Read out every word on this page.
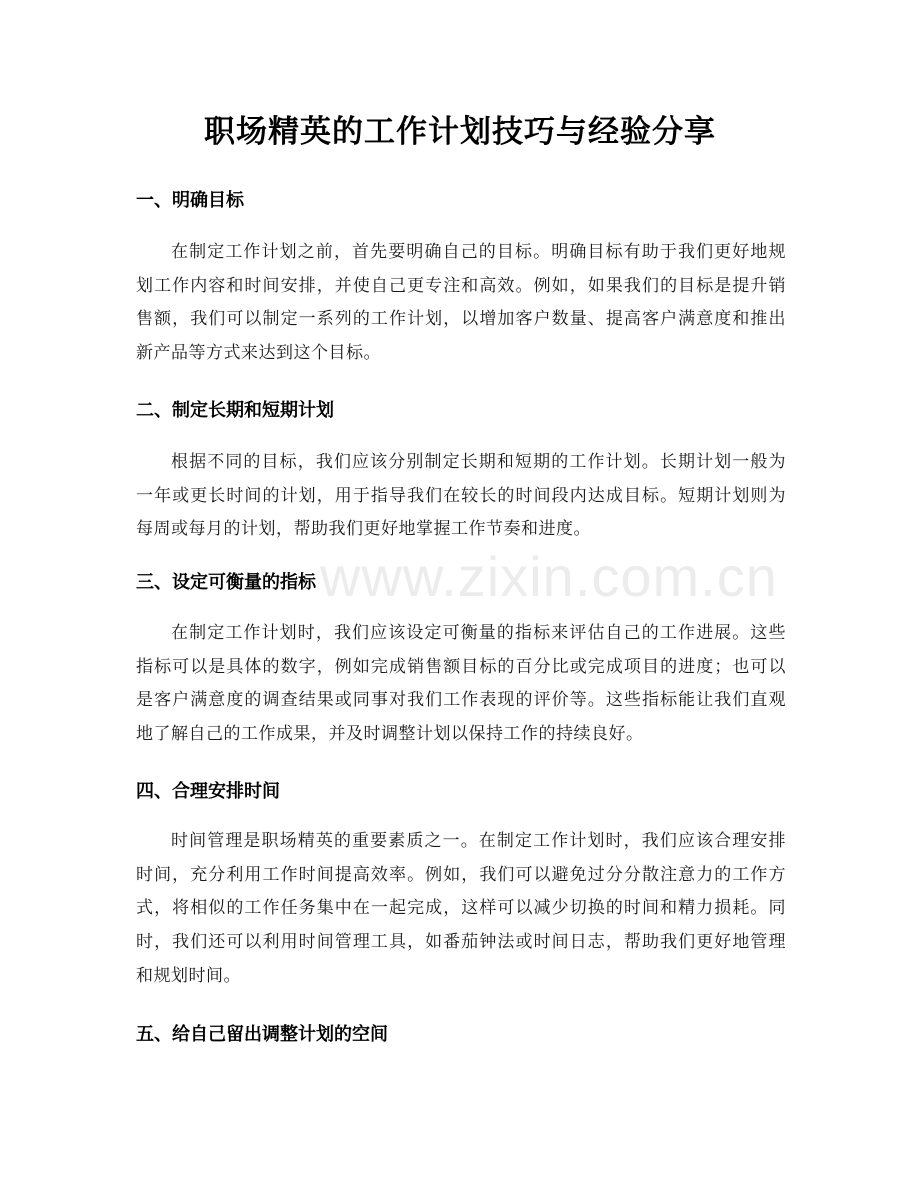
职场精英的工作计划技巧与经验分享
www.zixin.com.cn
一、明确目标
在制定工作计划之前，首先要明确自己的目标。明确目标有助于我们更好地规
划工作内容和时间安排，并使自己更专注和高效。例如，如果我们的目标是提升销
售额，我们可以制定一系列的工作计划，以增加客户数量、提高客户满意度和推出
新产品等方式来达到这个目标。
二、制定长期和短期计划
根据不同的目标，我们应该分别制定长期和短期的工作计划。长期计划一般为
一年或更长时间的计划，用于指导我们在较长的时间段内达成目标。短期计划则为
每周或每月的计划，帮助我们更好地掌握工作节奏和进度。
三、设定可衡量的指标
在制定工作计划时，我们应该设定可衡量的指标来评估自己的工作进展。这些
指标可以是具体的数字，例如完成销售额目标的百分比或完成项目的进度；也可以
是客户满意度的调查结果或同事对我们工作表现的评价等。这些指标能让我们直观
地了解自己的工作成果，并及时调整计划以保持工作的持续良好。
四、合理安排时间
时间管理是职场精英的重要素质之一。在制定工作计划时，我们应该合理安排
时间，充分利用工作时间提高效率。例如，我们可以避免过分分散注意力的工作方
式，将相似的工作任务集中在一起完成，这样可以减少切换的时间和精力损耗。同
时，我们还可以利用时间管理工具，如番茄钟法或时间日志，帮助我们更好地管理
和规划时间。
五、给自己留出调整计划的空间
